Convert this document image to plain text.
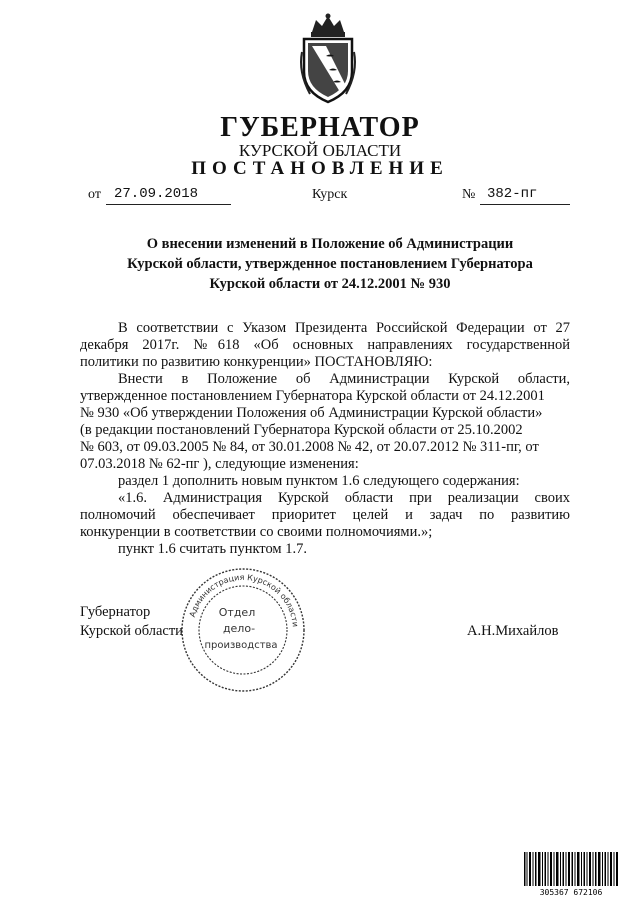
ГУБЕРНАТОР
КУРСКОЙ ОБЛАСТИ
ПОСТАНОВЛЕНИЕ
от 27.09.2018	Курск	№ 382-пг
О внесении изменений в Положение об Администрации
Курской области, утвержденное постановлением Губернатора
Курской области от 24.12.2001 № 930
В соответствии с Указом Президента Российской Федерации от 27
декабря 2017г. №618 «Об основных направлениях государственной
политики по развитию конкуренции» ПОСТАНОВЛЯЮ:
Внести в Положение об Администрации Курской области,
утвержденное постановлением Губернатора Курской области от 24.12.2001
№ 930 «Об утверждении Положения об Администрации Курской области»
(в редакции постановлений Губернатора Курской области от 25.10.2002
№ 603, от 09.03.2005 № 84, от 30.01.2008 № 42, от 20.07.2012 № 311-пг, от
07.03.2018 № 62-пг ), следующие изменения:
раздел 1 дополнить новым пунктом 1.6 следующего содержания:
«1.6. Администрация Курской области при реализации своих
полномочий обеспечивает приоритет целей и задач по развитию
конкуренции в соответствии со своими полномочиями.»;
пункт 1.6 считать пунктом 1.7.
Губернатор
Курской области	А.Н.Михайлов
Администрация Курской области
Отдел
дело-
производства
305367 672106
